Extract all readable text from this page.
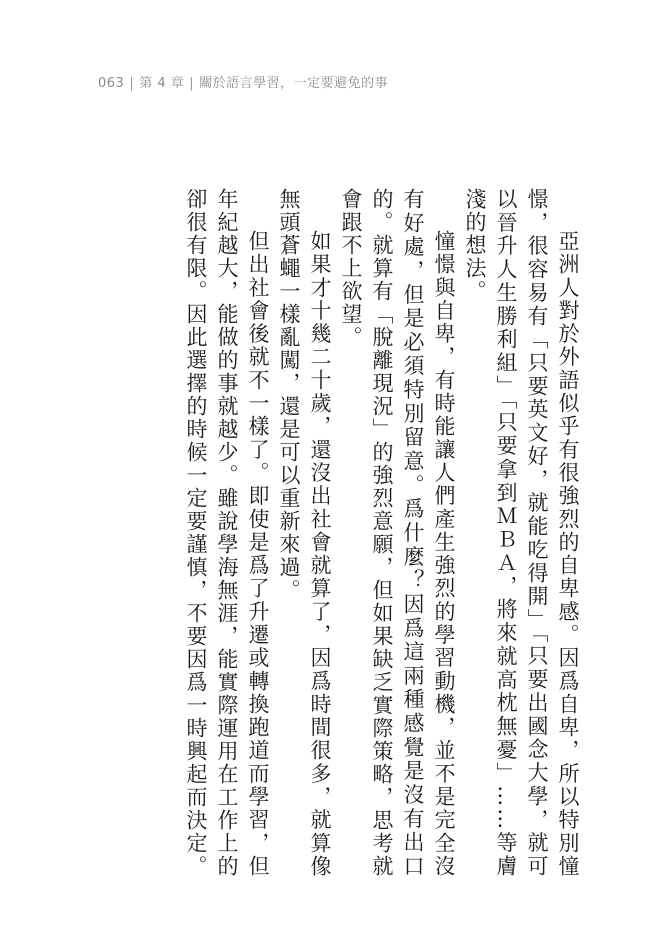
063 | 第 4 章 | 關於語言學習，一定要避免的事

亞洲人對於外語似乎有很強烈的自卑感。因爲自卑，所以特別憧憬，很容易有「只要英文好，就能吃得開」「只要出國念大學，就可以晉升人生勝利組」「只要拿到ＭＢＡ，將來就高枕無憂」……等膚淺的想法。

憧憬與自卑，有時能讓人們產生強烈的學習動機，並不是完全沒有好處，但是必須特別留意。爲什麼？因爲這兩種感覺是沒有出口的。就算有「脫離現況」的強烈意願，但如果缺乏實際策略，思考就會跟不上欲望。

如果才十幾二十歲，還沒出社會就算了，因爲時間很多，就算像無頭蒼蠅一樣亂闖，還是可以重新來過。

但出社會後就不一樣了。即使是爲了升遷或轉換跑道而學習，但年紀越大，能做的事就越少。雖說學海無涯，能實際運用在工作上的卻很有限。因此選擇的時候一定要謹慎，不要因爲一時興起而決定。
